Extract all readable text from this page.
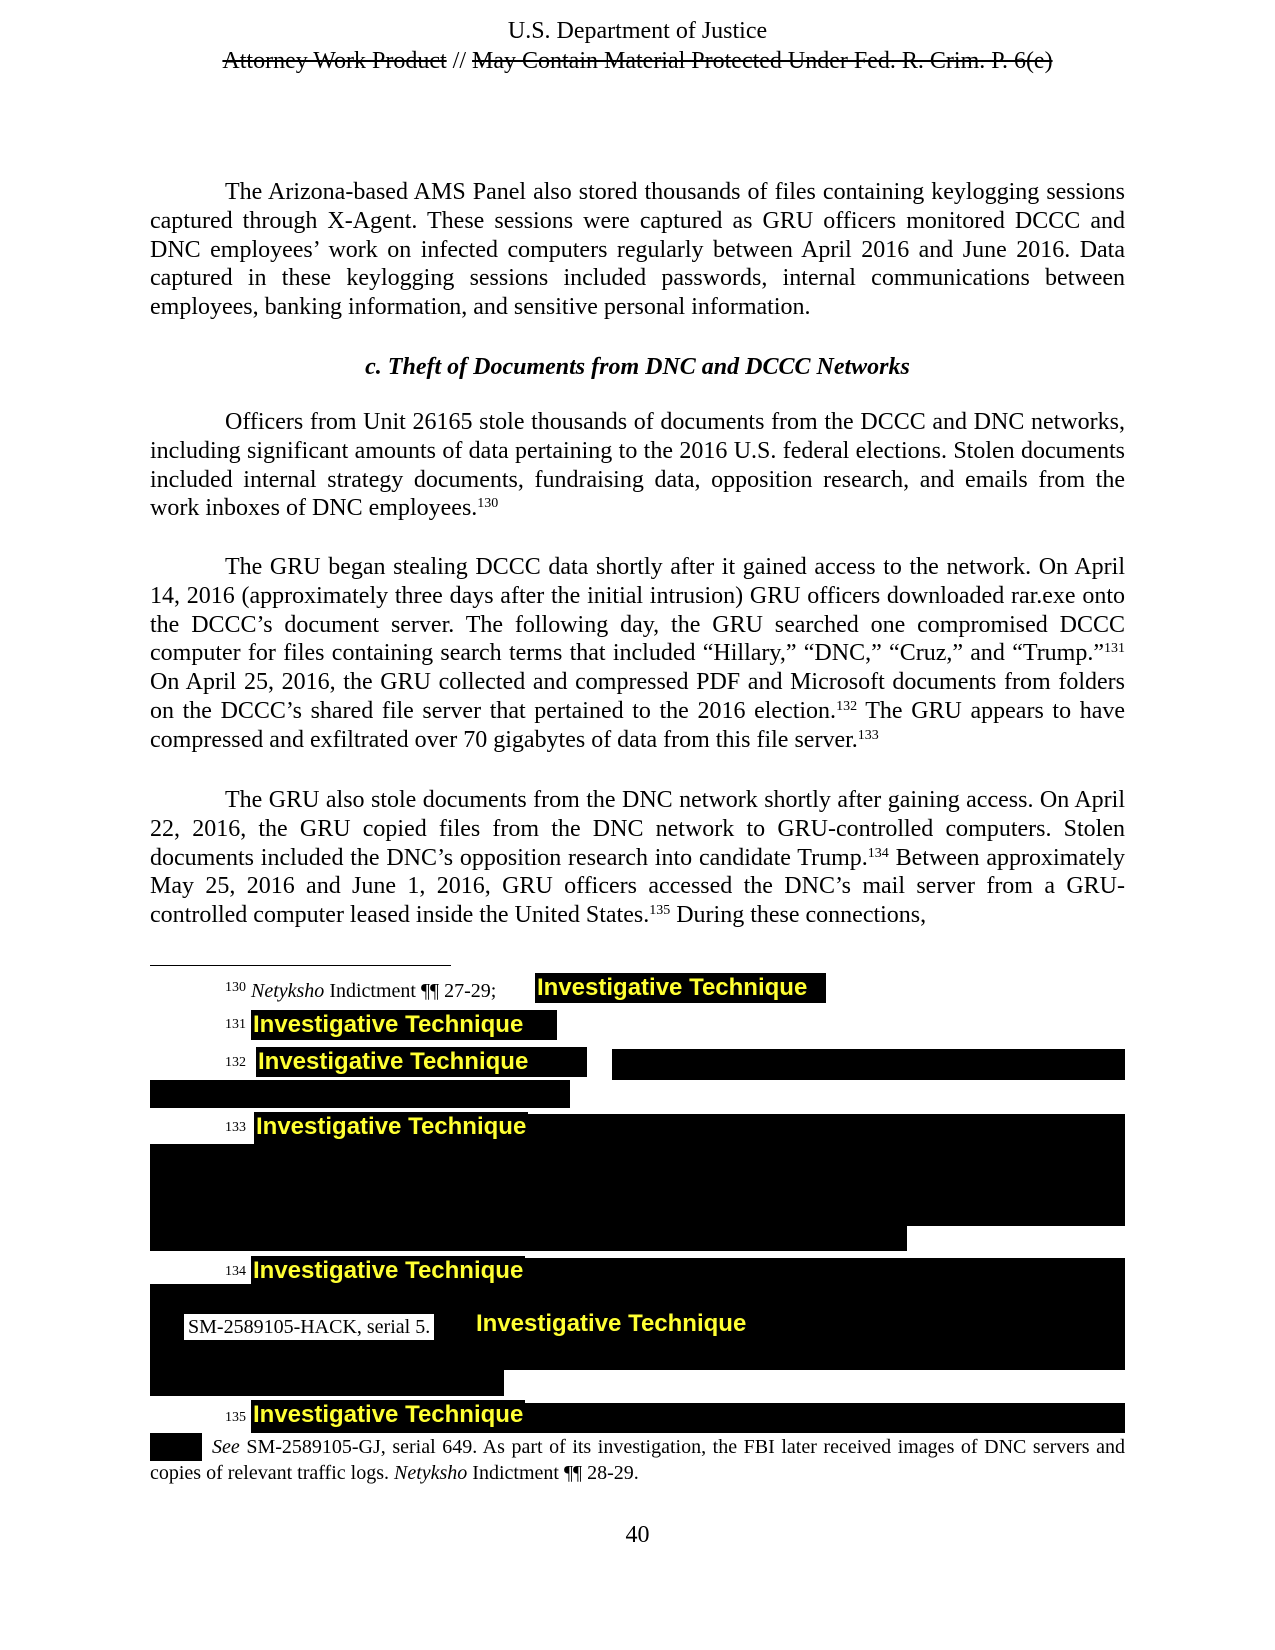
U.S. Department of Justice
Attorney Work Product // May Contain Material Protected Under Fed. R. Crim. P. 6(e)

The Arizona-based AMS Panel also stored thousands of files containing keylogging sessions captured through X-Agent. These sessions were captured as GRU officers monitored DCCC and DNC employees’ work on infected computers regularly between April 2016 and June 2016. Data captured in these keylogging sessions included passwords, internal communications between employees, banking information, and sensitive personal information.

c. Theft of Documents from DNC and DCCC Networks

Officers from Unit 26165 stole thousands of documents from the DCCC and DNC networks, including significant amounts of data pertaining to the 2016 U.S. federal elections. Stolen documents included internal strategy documents, fundraising data, opposition research, and emails from the work inboxes of DNC employees.$^{130}$

The GRU began stealing DCCC data shortly after it gained access to the network. On April 14, 2016 (approximately three days after the initial intrusion) GRU officers downloaded rar.exe onto the DCCC’s document server. The following day, the GRU searched one compromised DCCC computer for files containing search terms that included “Hillary,” “DNC,” “Cruz,” and “Trump.”$^{131}$ On April 25, 2016, the GRU collected and compressed PDF and Microsoft documents from folders on the DCCC’s shared file server that pertained to the 2016 election.$^{132}$ The GRU appears to have compressed and exfiltrated over 70 gigabytes of data from this file server.$^{133}$

The GRU also stole documents from the DNC network shortly after gaining access. On April 22, 2016, the GRU copied files from the DNC network to GRU-controlled computers. Stolen documents included the DNC’s opposition research into candidate Trump.$^{134}$ Between approximately May 25, 2016 and June 1, 2016, GRU officers accessed the DNC’s mail server from a GRU-controlled computer leased inside the United States.$^{135}$ During these connections,

$^{130}$ Netyksho Indictment ¶¶ 27-29; Investigative Technique
$^{131}$ Investigative Technique
$^{132}$ Investigative Technique
$^{133}$ Investigative Technique
$^{134}$ Investigative Technique
SM-2589105-HACK, serial 5. Investigative Technique
$^{135}$ Investigative Technique
See SM-2589105-GJ, serial 649. As part of its investigation, the FBI later received images of DNC servers and copies of relevant traffic logs. Netyksho Indictment ¶¶ 28-29.
40
